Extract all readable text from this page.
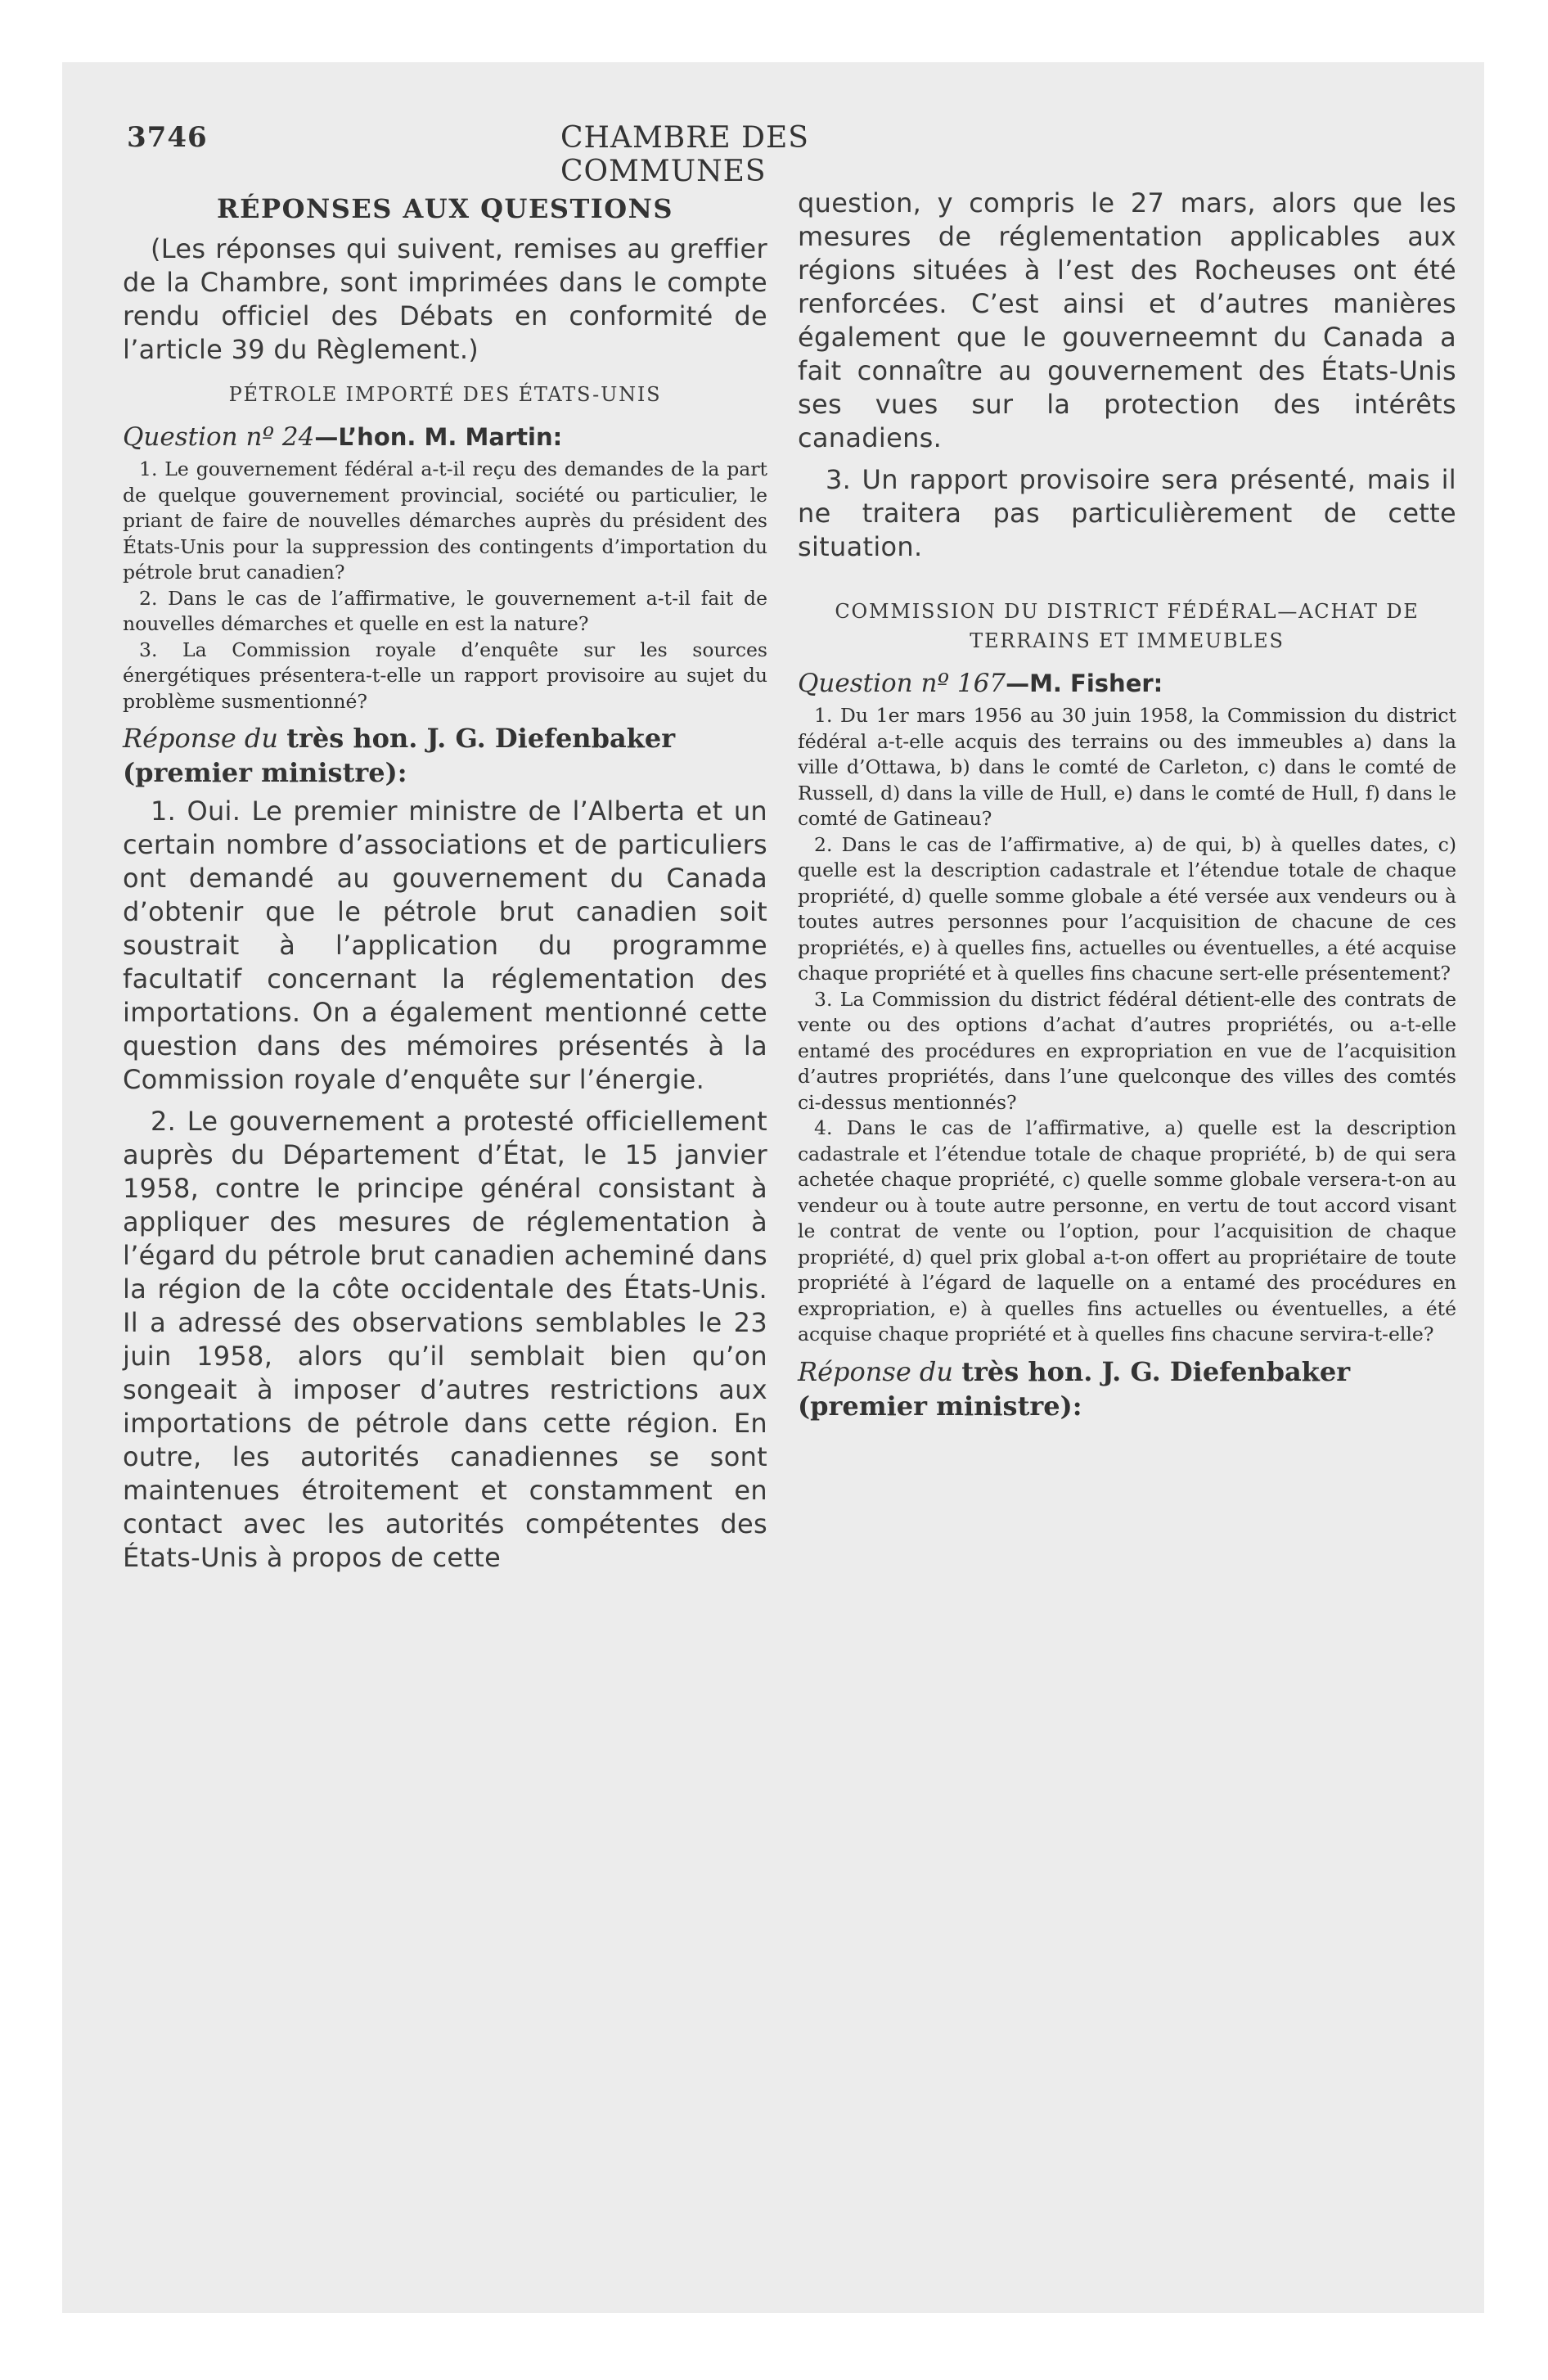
3746	CHAMBRE DES COMMUNES
RÉPONSES AUX QUESTIONS

(Les réponses qui suivent, remises au greffier de la Chambre, sont imprimées dans le compte rendu officiel des Débats en conformité de l’article 39 du Règlement.)

PÉTROLE IMPORTÉ DES ÉTATS-UNIS
Question nº 24—L’hon. M. Martin:

1. Le gouvernement fédéral a-t-il reçu des demandes de la part de quelque gouvernement provincial, société ou particulier, le priant de faire de nouvelles démarches auprès du président des États-Unis pour la suppression des contingents d’importation du pétrole brut canadien?

2. Dans le cas de l’affirmative, le gouvernement a-t-il fait de nouvelles démarches et quelle en est la nature?

3. La Commission royale d’enquête sur les sources énergétiques présentera-t-elle un rapport provisoire au sujet du problème susmentionné?

Réponse du très hon. J. G. Diefenbaker (premier ministre):

1. Oui. Le premier ministre de l’Alberta et un certain nombre d’associations et de particuliers ont demandé au gouvernement du Canada d’obtenir que le pétrole brut canadien soit soustrait à l’application du programme facultatif concernant la réglementation des importations. On a également mentionné cette question dans des mémoires présentés à la Commission royale d’enquête sur l’énergie.

2. Le gouvernement a protesté officiellement auprès du Département d’État, le 15 janvier 1958, contre le principe général consistant à appliquer des mesures de réglementation à l’égard du pétrole brut canadien acheminé dans la région de la côte occidentale des États-Unis. Il a adressé des observations semblables le 23 juin 1958, alors qu’il semblait bien qu’on songeait à imposer d’autres restrictions aux importations de pétrole dans cette région. En outre, les autorités canadiennes se sont maintenues étroitement et constamment en contact avec les autorités compétentes des États-Unis à propos de cette

question, y compris le 27 mars, alors que les mesures de réglementation applicables aux régions situées à l’est des Rocheuses ont été renforcées. C’est ainsi et d’autres manières également que le gouverneemnt du Canada a fait connaître au gouvernement des États-Unis ses vues sur la protection des intérêts canadiens.

3. Un rapport provisoire sera présenté, mais il ne traitera pas particulièrement de cette situation.

COMMISSION DU DISTRICT FÉDÉRAL—ACHAT DE TERRAINS ET IMMEUBLES
Question nº 167—M. Fisher:

1. Du 1er mars 1956 au 30 juin 1958, la Commission du district fédéral a-t-elle acquis des terrains ou des immeubles a) dans la ville d’Ottawa, b) dans le comté de Carleton, c) dans le comté de Russell, d) dans la ville de Hull, e) dans le comté de Hull, f) dans le comté de Gatineau?

2. Dans le cas de l’affirmative, a) de qui, b) à quelles dates, c) quelle est la description cadastrale et l’étendue totale de chaque propriété, d) quelle somme globale a été versée aux vendeurs ou à toutes autres personnes pour l’acquisition de chacune de ces propriétés, e) à quelles fins, actuelles ou éventuelles, a été acquise chaque propriété et à quelles fins chacune sert-elle présentement?

3. La Commission du district fédéral détient-elle des contrats de vente ou des options d’achat d’autres propriétés, ou a-t-elle entamé des procédures en expropriation en vue de l’acquisition d’autres propriétés, dans l’une quelconque des villes des comtés ci-dessus mentionnés?

4. Dans le cas de l’affirmative, a) quelle est la description cadastrale et l’étendue totale de chaque propriété, b) de qui sera achetée chaque propriété, c) quelle somme globale versera-t-on au vendeur ou à toute autre personne, en vertu de tout accord visant le contrat de vente ou l’option, pour l’acquisition de chaque propriété, d) quel prix global a-t-on offert au propriétaire de toute propriété à l’égard de laquelle on a entamé des procédures en expropriation, e) à quelles fins actuelles ou éventuelles, a été acquise chaque propriété et à quelles fins chacune servira-t-elle?

Réponse du très hon. J. G. Diefenbaker (premier ministre):
